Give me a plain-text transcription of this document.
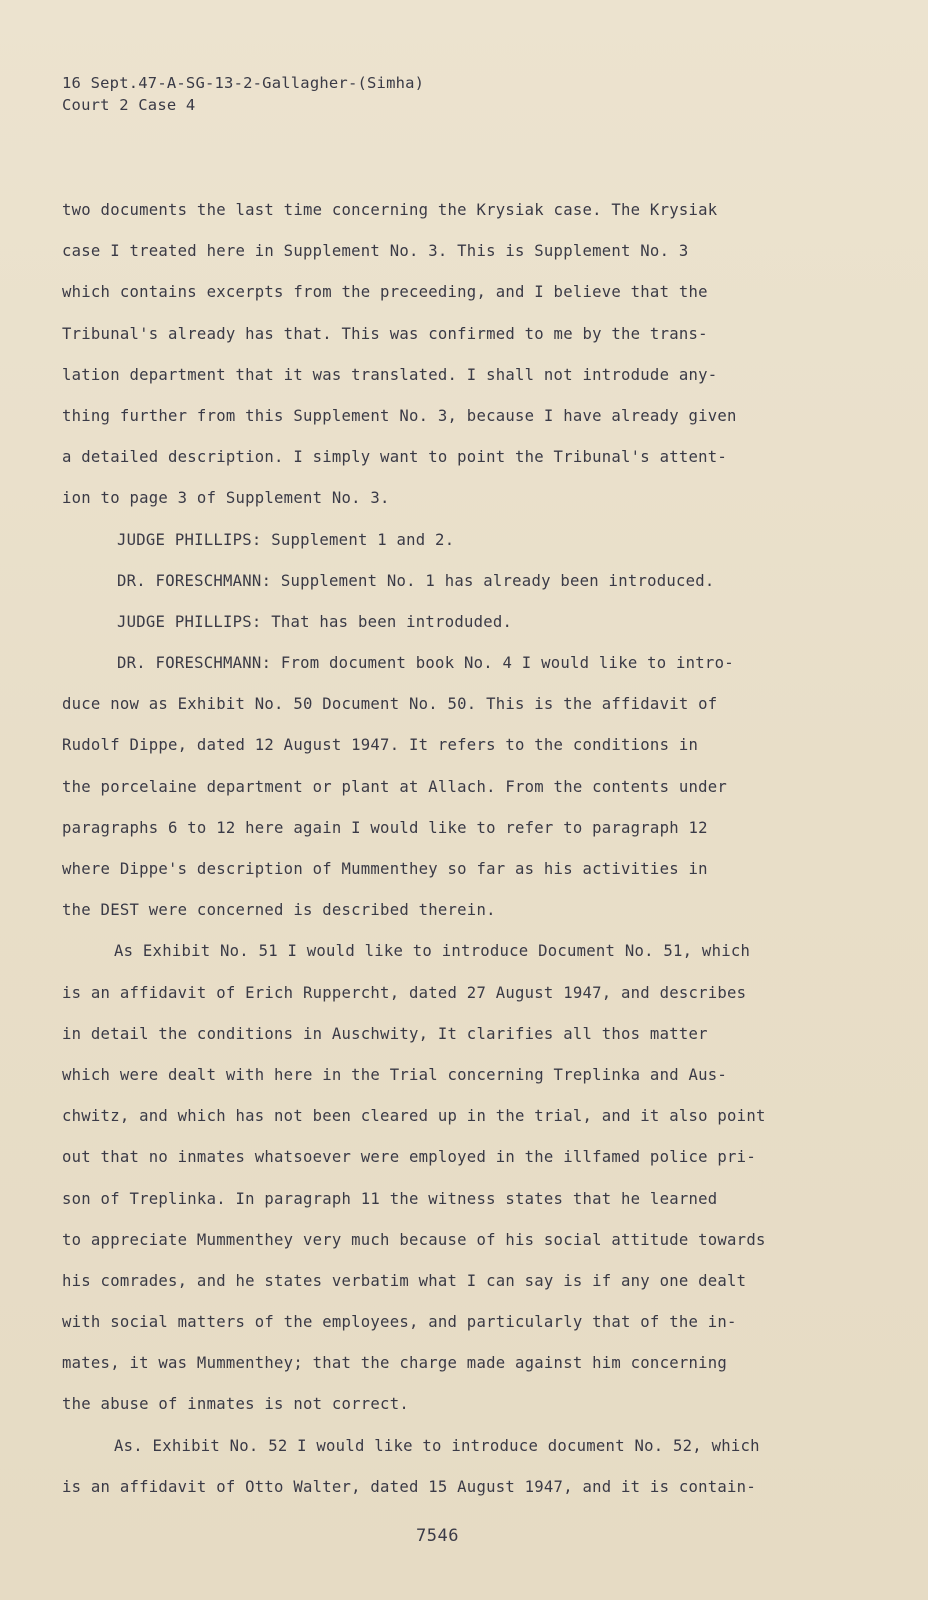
16 Sept.47-A-SG-13-2-Gallagher-(Simha)
Court 2 Case 4
two documents the last time concerning the Krysiak case. The Krysiak
case I treated here in Supplement No. 3. This is Supplement No. 3
which contains excerpts from the preceeding, and I believe that the
Tribunal's already has that. This was confirmed to me by the trans-
lation department that it was translated. I shall not introdude any-
thing further from this Supplement No. 3, because I have already given
a detailed description. I simply want to point the Tribunal's attent-
ion to page 3 of Supplement No. 3.
JUDGE PHILLIPS: Supplement 1 and 2.
DR. FORESCHMANN: Supplement No. 1 has already been introduced.
JUDGE PHILLIPS: That has been introduded.
DR. FORESCHMANN: From document book No. 4 I would like to intro-
duce now as Exhibit No. 50 Document No. 50. This is the affidavit of
Rudolf Dippe, dated 12 August 1947. It refers to the conditions in
the porcelaine department or plant at Allach. From the contents under
paragraphs 6 to 12 here again I would like to refer to paragraph 12
where Dippe's description of Mummenthey so far as his activities in
the DEST were concerned is described therein.
As Exhibit No. 51 I would like to introduce Document No. 51, which
is an affidavit of Erich Ruppercht, dated 27 August 1947, and describes
in detail the conditions in Auschwity, It clarifies all thos matter
which were dealt with here in the Trial concerning Treplinka and Aus-
chwitz, and which has not been cleared up in the trial, and it also point
out that no inmates whatsoever were employed in the illfamed police pri-
son of Treplinka. In paragraph 11 the witness states that he learned
to appreciate Mummenthey very much because of his social attitude towards
his comrades, and he states verbatim what I can say is if any one dealt
with social matters of the employees, and particularly that of the in-
mates, it was Mummenthey; that the charge made against him concerning
the abuse of inmates is not correct.
As. Exhibit No. 52 I would like to introduce document No. 52, which
is an affidavit of Otto Walter, dated 15 August 1947, and it is contain-
7546
